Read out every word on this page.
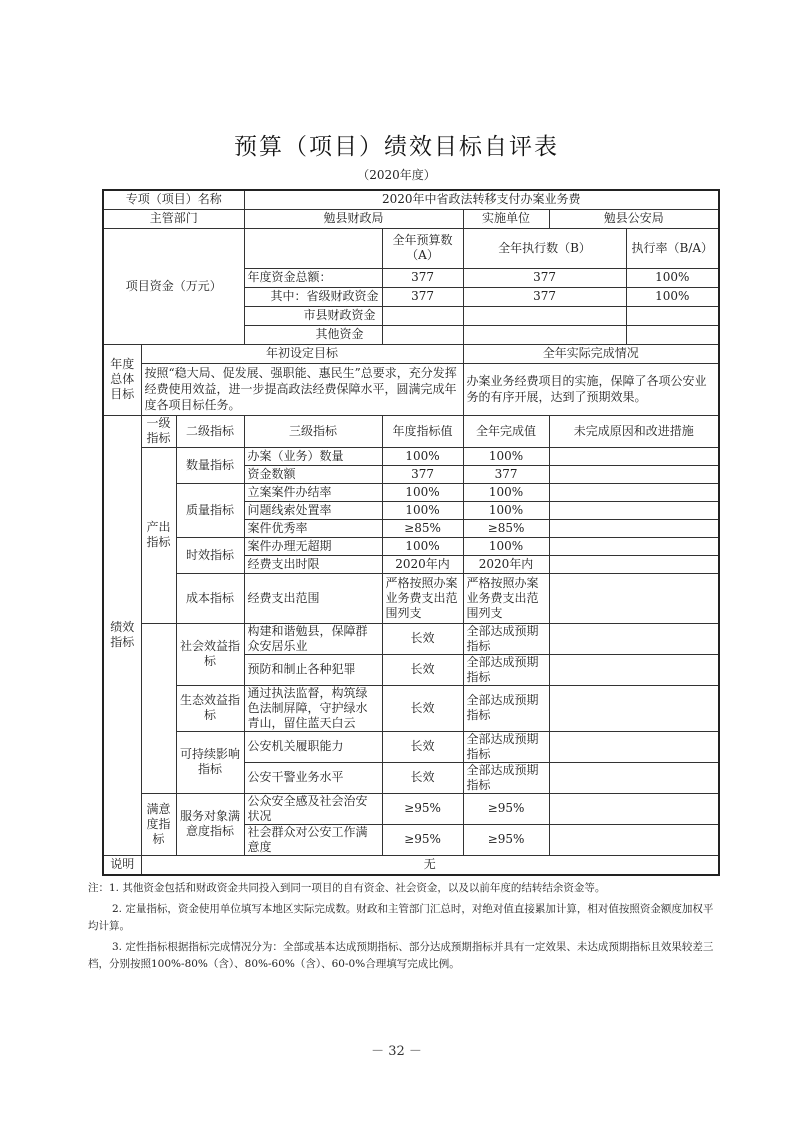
预算（项目）绩效目标自评表
（2020年度）
专项（项目）名称			2020年中省政法转移支付办案业务费				
主管部门			勉县财政局		实施单位	勉县公安局	
项目资金（万元）				全年预算数（A）	全年执行数（B）		执行率（B/A）
			年度资金总额：	377	377		100%
			其中：省级财政资金	377	377		100%
			市县财政资金				
			其他资金				
年度总体目标	年初设定目标				全年实际完成情况		
	按照“稳大局、促发展、强职能、惠民生”总要求，充分发挥经费使用效益，进一步提高政法经费保障水平，圆满完成年度各项目标任务。				办案业务经费项目的实施，保障了各项公安业务的有序开展，达到了预期效果。		
绩效指标	一级指标	二级指标	三级指标	年度指标值	全年完成值	未完成原因和改进措施	
	产出指标	数量指标	办案（业务）数量	100%	100%		
			资金数额	377	377		
		质量指标	立案案件办结率	100%	100%		
			问题线索处置率	100%	100%		
			案件优秀率	≥85%	≥85%		
		时效指标	案件办理无超期	100%	100%		
			经费支出时限	2020年内	2020年内		
		成本指标	经费支出范围	严格按照办案业务费支出范围列支	严格按照办案业务费支出范围列支		
		社会效益指标	构建和谐勉县，保障群众安居乐业	长效	全部达成预期指标		
			预防和制止各种犯罪	长效	全部达成预期指标		
		生态效益指标	通过执法监督，构筑绿色法制屏障，守护绿水青山，留住蓝天白云	长效	全部达成预期指标		
		可持续影响指标	公安机关履职能力	长效	全部达成预期指标		
			公安干警业务水平	长效	全部达成预期指标		
	满意度指标	服务对象满意度指标	公众安全感及社会治安状况	≥95%	≥95%		
			社会群众对公安工作满意度	≥95%	≥95%		
说明	无						

注：1. 其他资金包括和财政资金共同投入到同一项目的自有资金、社会资金，以及以前年度的结转结余资金等。

2. 定量指标，资金使用单位填写本地区实际完成数。财政和主管部门汇总时，对绝对值直接累加计算，相对值按照资金额度加权平均计算。

3. 定性指标根据指标完成情况分为：全部或基本达成预期指标、部分达成预期指标并具有一定效果、未达成预期指标且效果较差三档，分别按照100%-80%（含）、80%-60%（含）、60-0%合理填写完成比例。

－ 32 －
